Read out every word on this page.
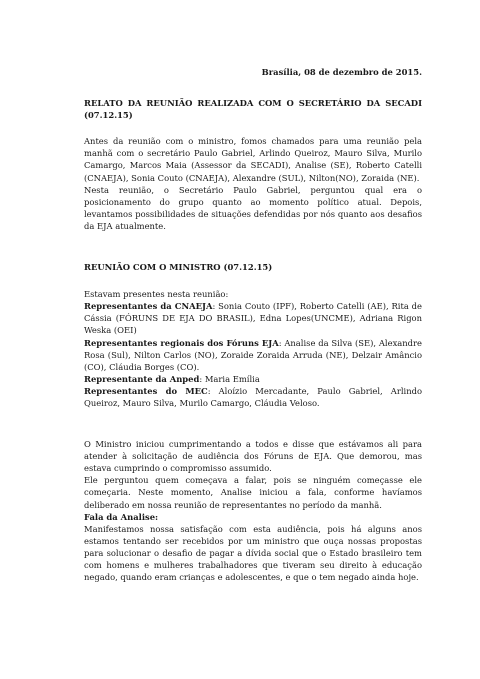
Brasília, 08 de dezembro de 2015.

RELATO DA REUNIÃO REALIZADA COM O SECRETÁRIO DA SECADI (07.12.15)

Antes da reunião com o ministro, fomos chamados para uma reunião pela manhã com o secretário Paulo Gabriel, Arlindo Queiroz, Mauro Silva, Murilo Camargo, Marcos Maia (Assessor da SECADI), Analise (SE), Roberto Catelli (CNAEJA), Sonia Couto (CNAEJA), Alexandre (SUL), Nilton(NO), Zoraida (NE).

Nesta reunião, o Secretário Paulo Gabriel, perguntou qual era o posicionamento do grupo quanto ao momento político atual. Depois, levantamos possibilidades de situações defendidas por nós quanto aos desafios da EJA atualmente.

REUNIÃO COM O MINISTRO (07.12.15)

Estavam presentes nesta reunião:

Representantes da CNAEJA: Sonia Couto (IPF), Roberto Catelli (AE), Rita de Cássia (FÓRUNS DE EJA DO BRASIL), Edna Lopes(UNCME), Adriana Rigon Weska (OEI)

Representantes regionais dos Fóruns EJA: Analise da Silva (SE), Alexandre Rosa (Sul), Nilton Carlos (NO), Zoraide Zoraida Arruda (NE), Delzair Amâncio (CO), Cláudia Borges (CO).

Representante da Anped: Maria Emília

Representantes do MEC: Aloízio Mercadante, Paulo Gabriel, Arlindo Queiroz, Mauro Silva, Murilo Camargo, Cláudia Veloso.

O Ministro iniciou cumprimentando a todos e disse que estávamos ali para atender à solicitação de audiência dos Fóruns de EJA. Que demorou, mas estava cumprindo o compromisso assumido.

Ele perguntou quem começava a falar, pois se ninguém começasse ele começaria. Neste momento, Analise iniciou a fala, conforme havíamos deliberado em nossa reunião de representantes no período da manhã.

Fala da Analise:

Manifestamos nossa satisfação com esta audiência, pois há alguns anos estamos tentando ser recebidos por um ministro que ouça nossas propostas para solucionar o desafio de pagar a dívida social que o Estado brasileiro tem com homens e mulheres trabalhadores que tiveram seu direito à educação negado, quando eram crianças e adolescentes, e que o tem negado ainda hoje.
